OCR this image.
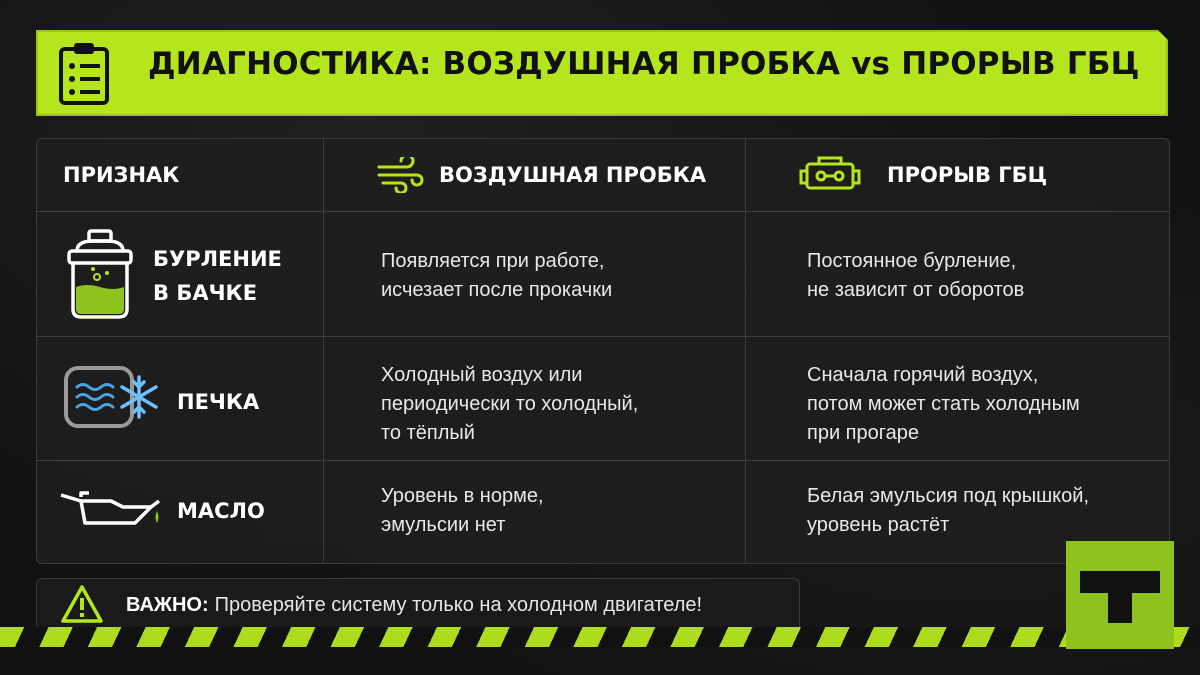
ДИАГНОСТИКА: ВОЗДУШНАЯ ПРОБКА vs ПРОРЫВ ГБЦ
ПРИЗНАК	ВОЗДУШНАЯ ПРОБКА	ПРОРЫВ ГБЦ
БУРЛЕНИЕ
В БАЧКЕ
Появляется при работе,
исчезает после прокачки
Постоянное бурление,
не зависит от оборотов
ПЕЧКА
Холодный воздух или
периодически то холодный,
то тёплый
Сначала горячий воздух,
потом может стать холодным
при прогаре
МАСЛО
Уровень в норме,
эмульсии нет
Белая эмульсия под крышкой,
уровень растёт
ВАЖНО: Проверяйте систему только на холодном двигателе!
